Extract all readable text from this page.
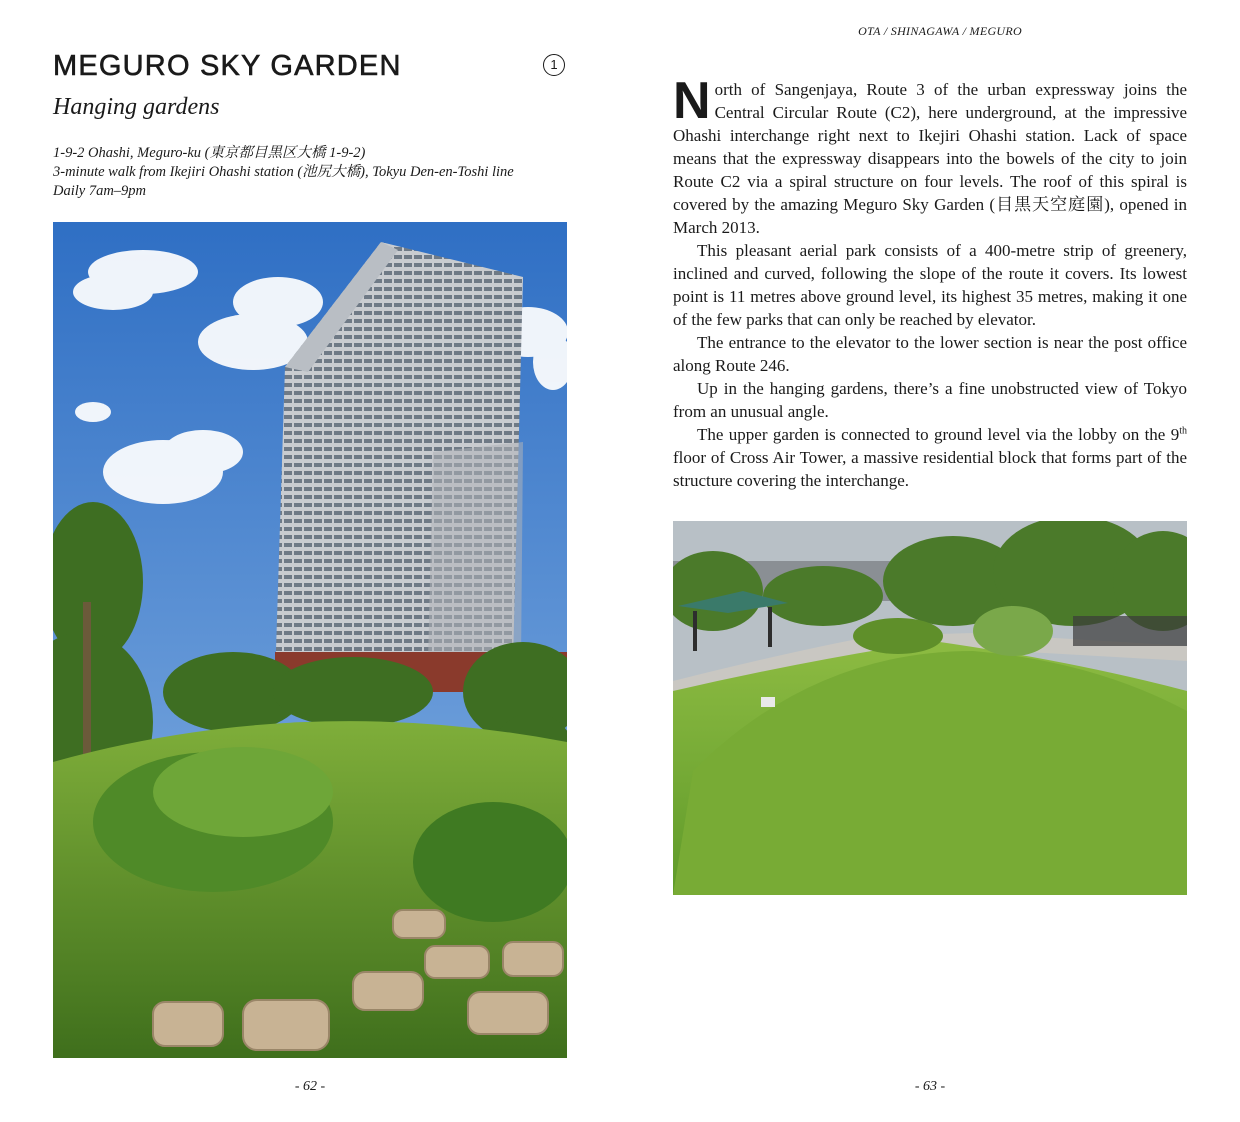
MEGURO SKY GARDEN	1
Hanging gardens
1-9-2 Ohashi, Meguro-ku (東京都目黒区大橋 1-9-2)
3-minute walk from Ikejiri Ohashi station (池尻大橋), Tokyu Den-en-Toshi line
Daily 7am–9pm
- 62 -
OTA / SHINAGAWA / MEGURO

North of Sangenjaya, Route 3 of the urban expressway joins the Central Circular Route (C2), here underground, at the impressive Ohashi interchange right next to Ikejiri Ohashi station. Lack of space means that the expressway disappears into the bowels of the city to join Route C2 via a spiral structure on four levels. The roof of this spiral is covered by the amazing Meguro Sky Garden (目黒天空庭園), opened in March 2013.

This pleasant aerial park consists of a 400-metre strip of greenery, inclined and curved, following the slope of the route it covers. Its lowest point is 11 metres above ground level, its highest 35 metres, making it one of the few parks that can only be reached by elevator.

The entrance to the elevator to the lower section is near the post office along Route 246.

Up in the hanging gardens, there’s a fine unobstructed view of Tokyo from an unusual angle.

The upper garden is connected to ground level via the lobby on the 9th floor of Cross Air Tower, a massive residential block that forms part of the structure covering the interchange.

- 63 -
